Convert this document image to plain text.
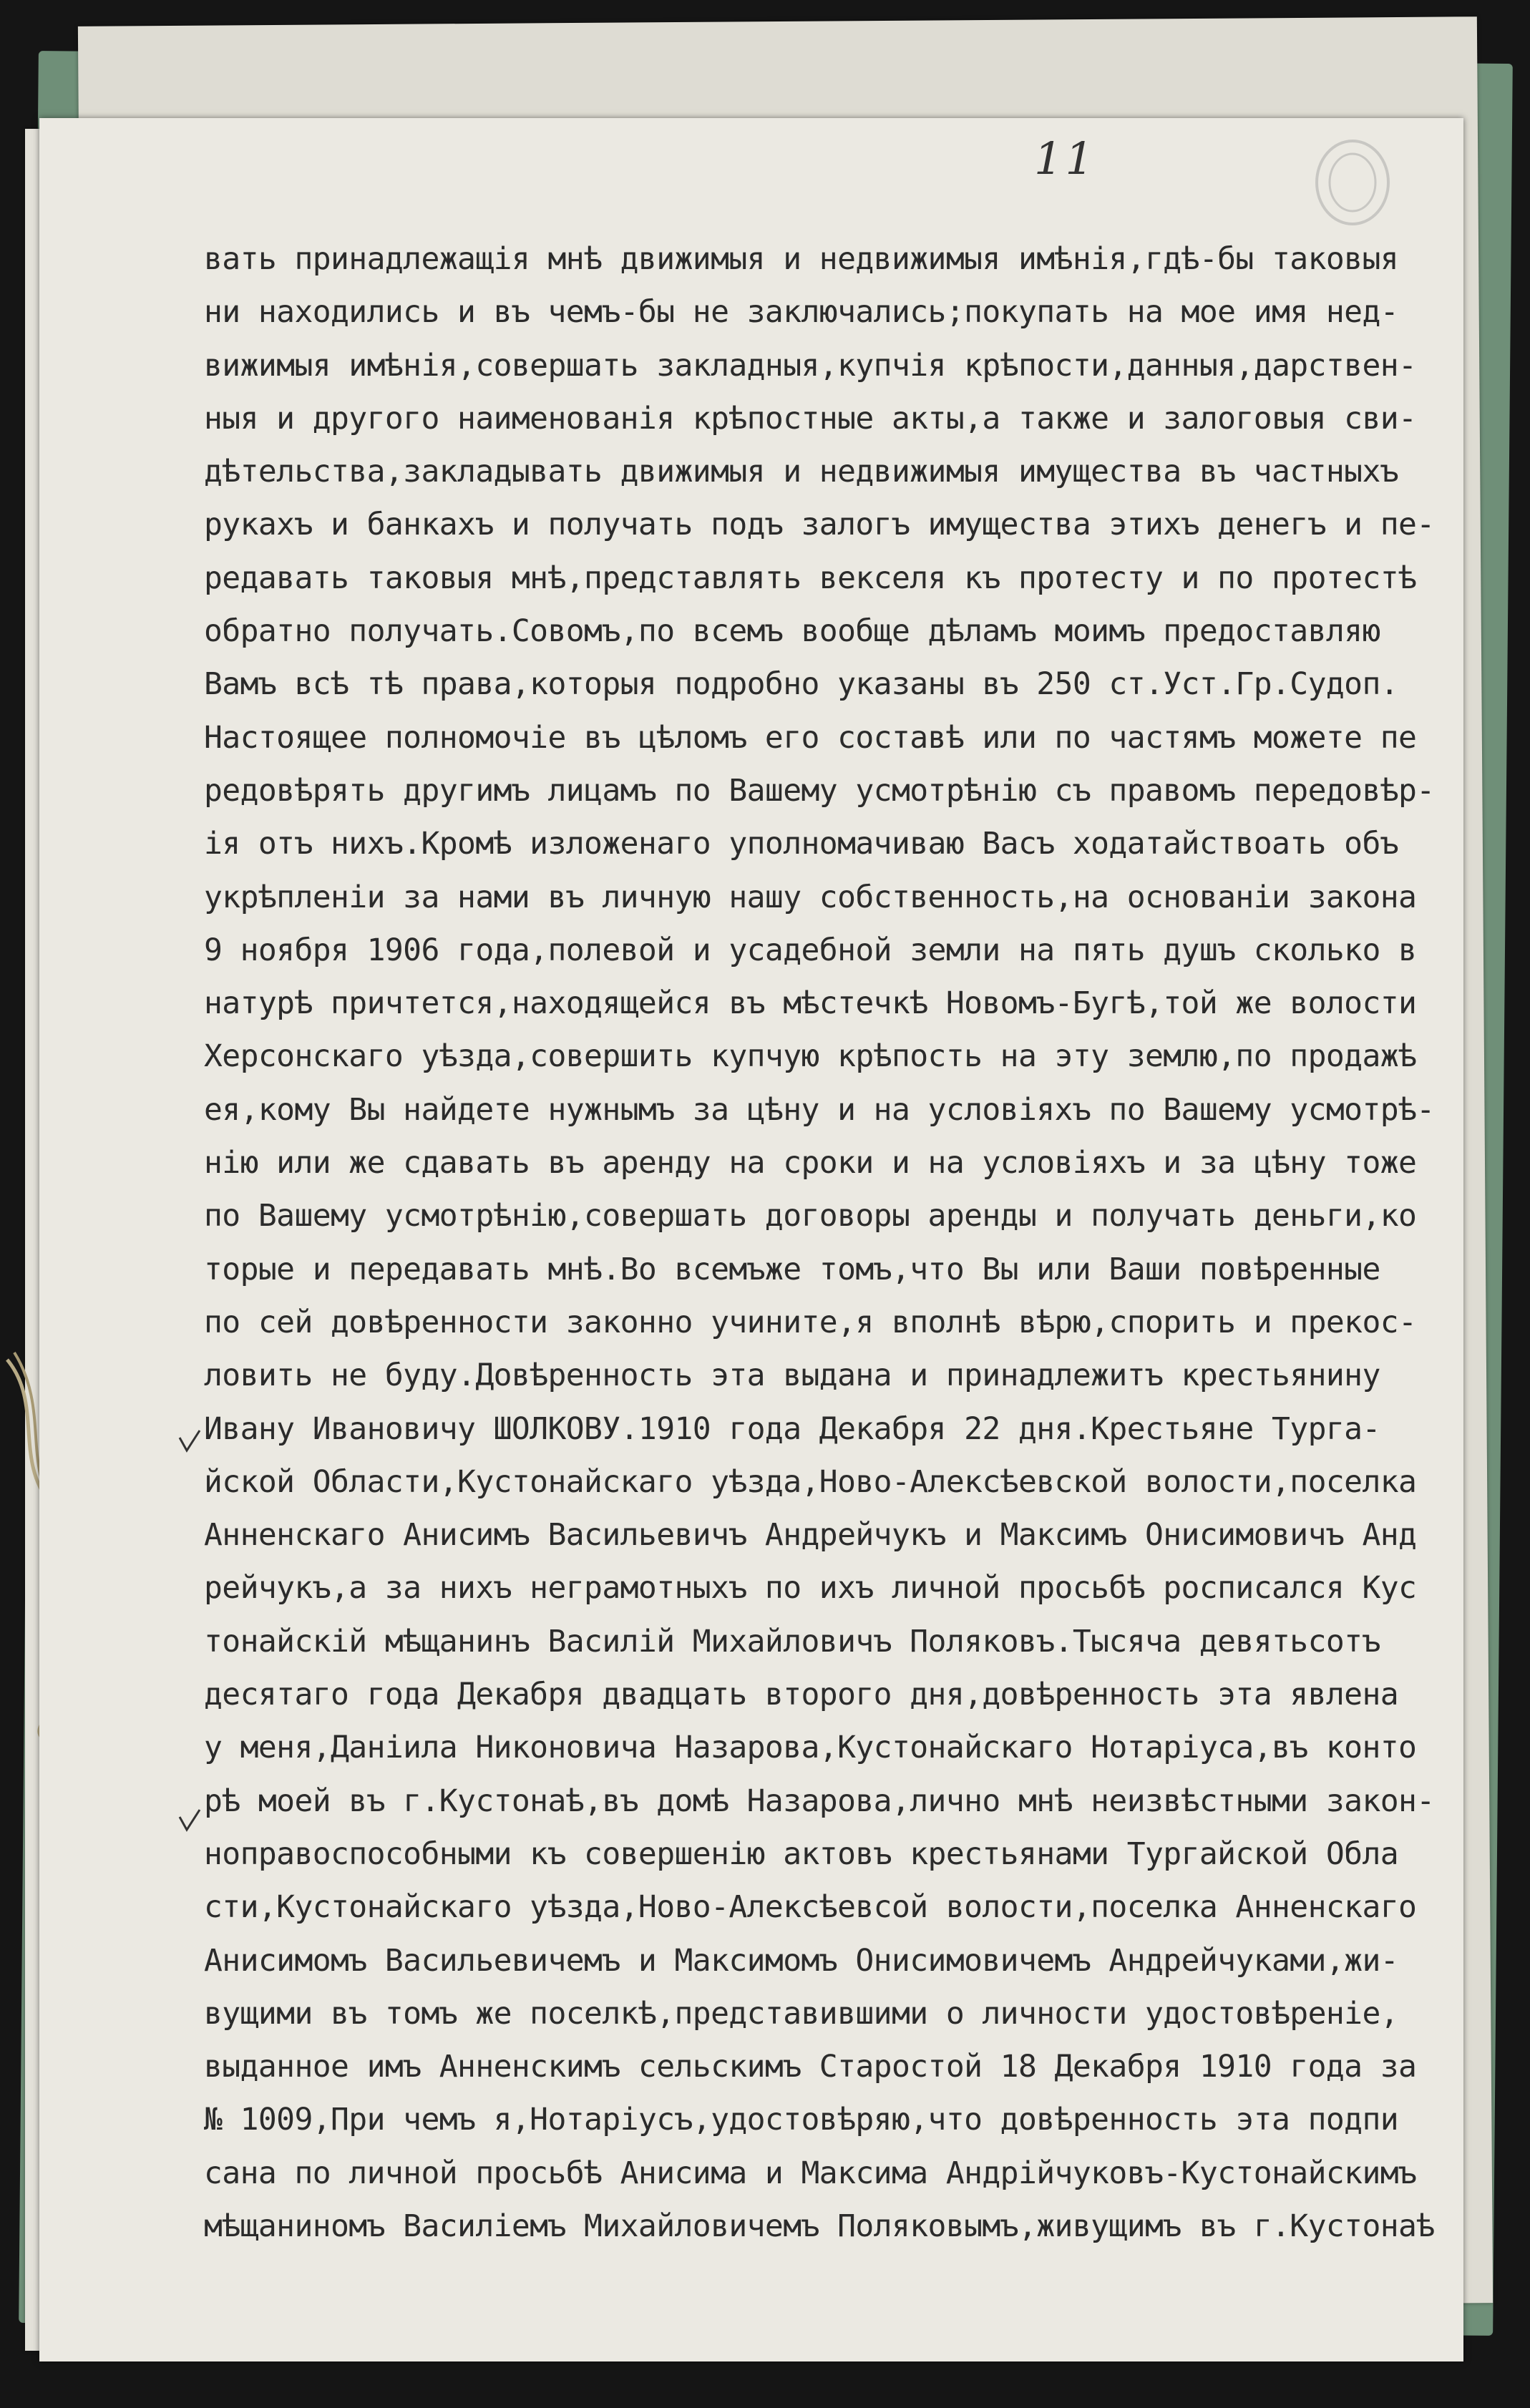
11
вать принадлежащія мнѣ движимыя и недвижимыя имѣнія,гдѣ-бы таковыя
ни находились и въ чемъ-бы не заключались;покупать на мое имя нед-
вижимыя имѣнія,совершать закладныя,купчія крѣпости,данныя,дарствен-
ныя и другого наименованія крѣпостные акты,а также и залоговыя сви-
дѣтельства,закладывать движимыя и недвижимыя имущества въ частныхъ
рукахъ и банкахъ и получать подъ залогъ имущества этихъ денегъ и пе-
редавать таковыя мнѣ,представлять векселя къ протесту и по протестѣ
обратно получать.Совомъ,по всемъ вообще дѣламъ моимъ предоставляю
Вамъ всѣ тѣ права,которыя подробно указаны въ 250 ст.Уст.Гр.Судоп.
Настоящее полномочіе въ цѣломъ его составѣ или по частямъ можете пе
редовѣрять другимъ лицамъ по Вашему усмотрѣнію съ правомъ передовѣр-
ія отъ нихъ.Кромѣ изложенаго уполномачиваю Васъ ходатайствоать объ
укрѣпленіи за нами въ личную нашу собственность,на основаніи закона
9 ноября 1906 года,полевой и усадебной земли на пять душъ сколько в
натурѣ причтется,находящейся въ мѣстечкѣ Новомъ-Бугѣ,той же волости
Херсонскаго уѣзда,совершить купчую крѣпость на эту землю,по продажѣ
ея,кому Вы найдете нужнымъ за цѣну и на условіяхъ по Вашему усмотрѣ-
нію или же сдавать въ аренду на сроки и на условіяхъ и за цѣну тоже
по Вашему усмотрѣнію,совершать договоры аренды и получать деньги,ко
торые и передавать мнѣ.Во всемъже томъ,что Вы или Ваши повѣренные
по сей довѣренности законно учините,я вполнѣ вѣрю,спорить и прекос-
ловить не буду.Довѣренность эта выдана и принадлежитъ крестьянину
Ивану Ивановичу ШОЛКОВУ.1910 года Декабря 22 дня.Крестьяне Турга-
йской Области,Кустонайскаго уѣзда,Ново-Алексѣевской волости,поселка
Анненскаго Анисимъ Васильевичъ Андрейчукъ и Максимъ Онисимовичъ Анд
рейчукъ,а за нихъ неграмотныхъ по ихъ личной просьбѣ росписался Кус
тонайскій мѣщанинъ Василій Михайловичъ Поляковъ.Тысяча девятьсотъ
десятаго года Декабря двадцать второго дня,довѣренность эта явлена
у меня,Даніила Никоновича Назарова,Кустонайскаго Нотаріуса,въ конто
рѣ моей въ г.Кустонаѣ,въ домѣ Назарова,лично мнѣ неизвѣстными закон-
ноправоспособными къ совершенію актовъ крестьянами Тургайской Обла
сти,Кустонайскаго уѣзда,Ново-Алексѣевсой волости,поселка Анненскаго
Анисимомъ Васильевичемъ и Максимомъ Онисимовичемъ Андрейчуками,жи-
вущими въ томъ же поселкѣ,представившими о личности удостовѣреніе,
выданное имъ Анненскимъ сельскимъ Старостой 18 Декабря 1910 года за
№ 1009,При чемъ я,Нотаріусъ,удостовѣряю,что довѣренность эта подпи
сана по личной просьбѣ Анисима и Максима Андрійчуковъ-Кустонайскимъ
мѣщаниномъ Василіемъ Михайловичемъ Поляковымъ,живущимъ въ г.Кустонаѣ
